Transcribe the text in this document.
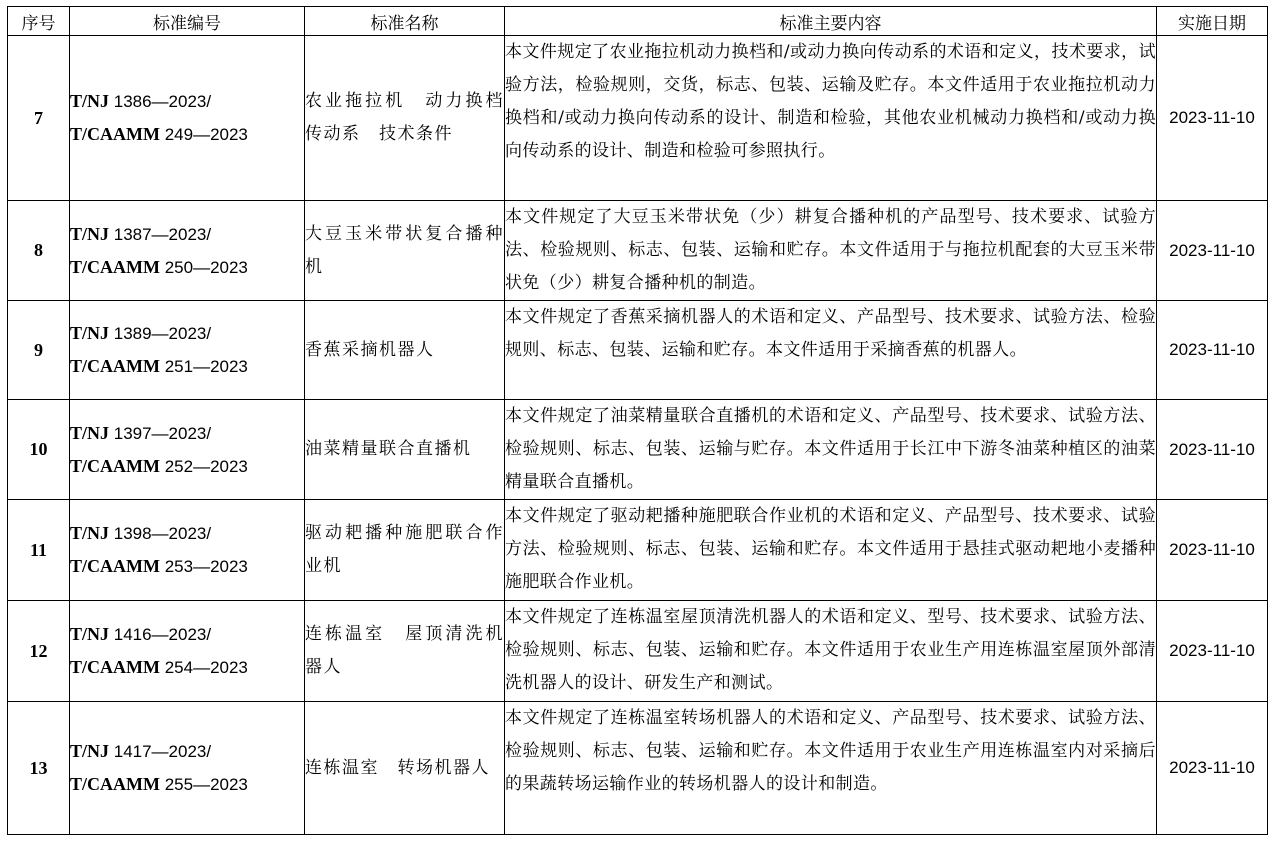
序号	标准编号	标准名称	标准主要内容	实施日期
7	T/NJ 1386—2023/
T/CAAMM 249—2023	农业拖拉机　动力换档传动系　技术条件	本文件规定了农业拖拉机动力换档和/或动力换向传动系的术语和定义，技术要求，试验方法，检验规则，交货，标志、包装、运输及贮存。本文件适用于农业拖拉机动力换档和/或动力换向传动系的设计、制造和检验，其他农业机械动力换档和/或动力换向传动系的设计、制造和检验可参照执行。	2023-11-10
8	T/NJ 1387—2023/
T/CAAMM 250—2023	大豆玉米带状复合播种机	本文件规定了大豆玉米带状免（少）耕复合播种机的产品型号、技术要求、试验方法、检验规则、标志、包装、运输和贮存。本文件适用于与拖拉机配套的大豆玉米带状免（少）耕复合播种机的制造。	2023-11-10
9	T/NJ 1389—2023/
T/CAAMM 251—2023	香蕉采摘机器人	本文件规定了香蕉采摘机器人的术语和定义、产品型号、技术要求、试验方法、检验规则、标志、包装、运输和贮存。本文件适用于采摘香蕉的机器人。	2023-11-10
10	T/NJ 1397—2023/
T/CAAMM 252—2023	油菜精量联合直播机	本文件规定了油菜精量联合直播机的术语和定义、产品型号、技术要求、试验方法、检验规则、标志、包装、运输与贮存。本文件适用于长江中下游冬油菜种植区的油菜精量联合直播机。	2023-11-10
11	T/NJ 1398—2023/
T/CAAMM 253—2023	驱动耙播种施肥联合作业机	本文件规定了驱动耙播种施肥联合作业机的术语和定义、产品型号、技术要求、试验方法、检验规则、标志、包装、运输和贮存。本文件适用于悬挂式驱动耙地小麦播种施肥联合作业机。	2023-11-10
12	T/NJ 1416—2023/
T/CAAMM 254—2023	连栋温室　屋顶清洗机器人	本文件规定了连栋温室屋顶清洗机器人的术语和定义、型号、技术要求、试验方法、检验规则、标志、包装、运输和贮存。本文件适用于农业生产用连栋温室屋顶外部清洗机器人的设计、研发生产和测试。	2023-11-10
13	T/NJ 1417—2023/
T/CAAMM 255—2023	连栋温室　转场机器人	本文件规定了连栋温室转场机器人的术语和定义、产品型号、技术要求、试验方法、检验规则、标志、包装、运输和贮存。本文件适用于农业生产用连栋温室内对采摘后的果蔬转场运输作业的转场机器人的设计和制造。	2023-11-10
